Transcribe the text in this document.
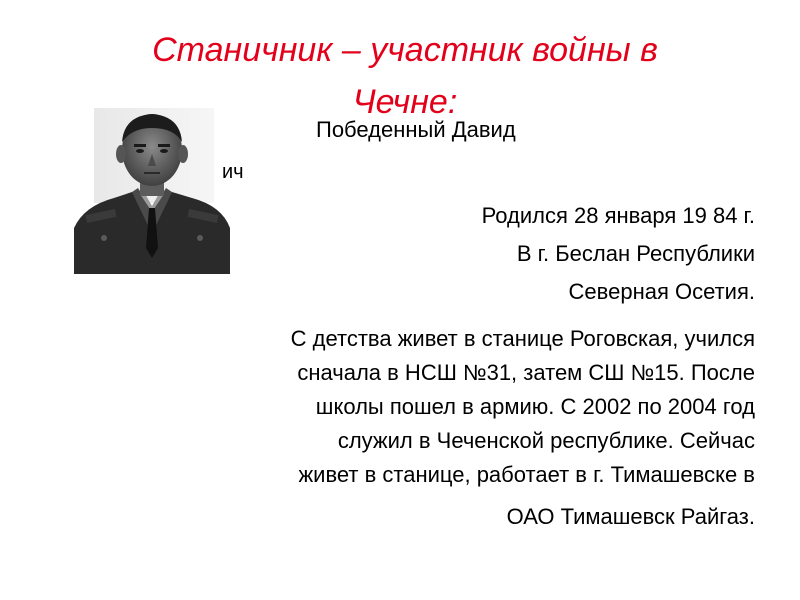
Станичник – участник войны в
Чечне:
Победенный Давид
ич
Родился 28 января 19 84 г.
В г. Беслан Республики
Северная Осетия.
С детства живет в станице Роговская, учился
сначала в НСШ №31, затем СШ №15. После
школы пошел в армию. С 2002 по 2004 год
служил в Чеченской республике. Сейчас
живет в станице, работает в г. Тимашевске в
ОАО Тимашевск Райгаз.
